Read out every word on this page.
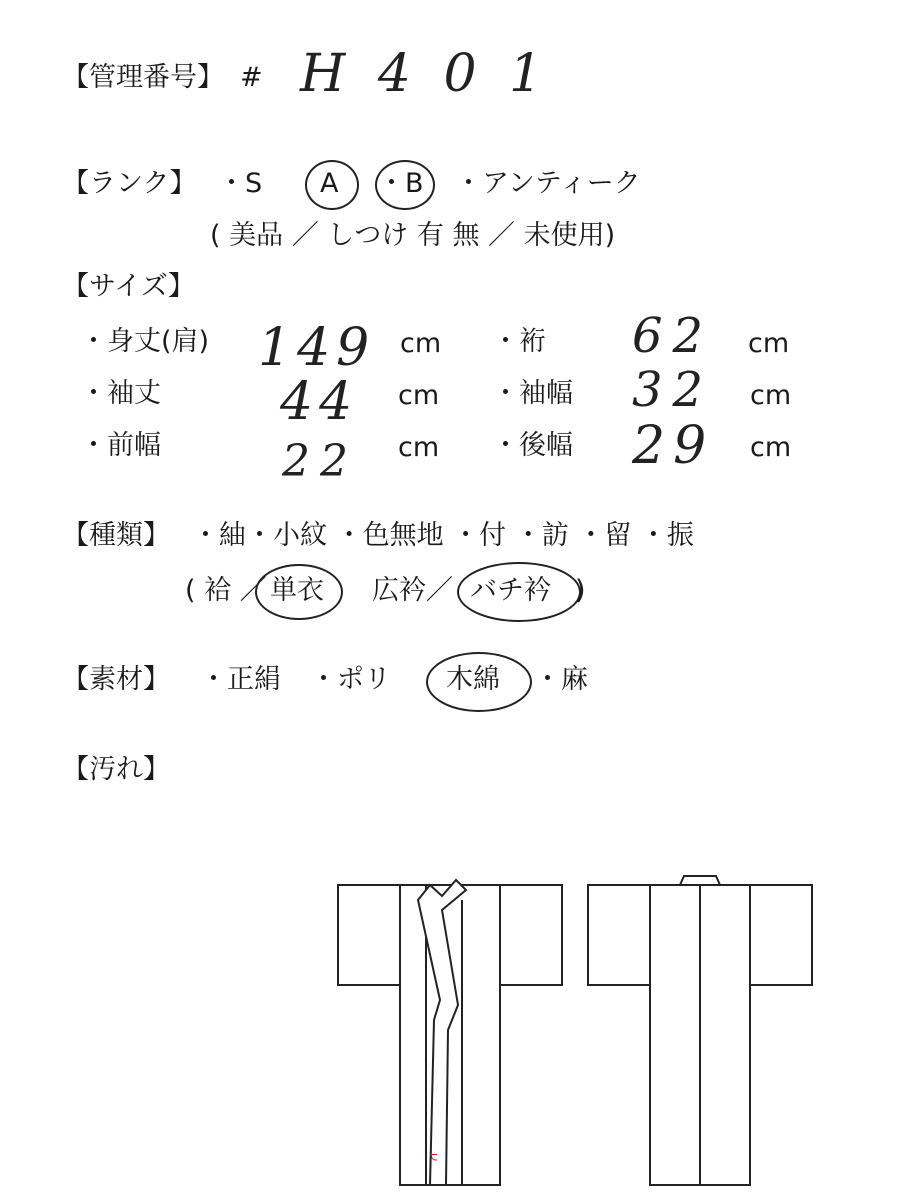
【管理番号】 # H 4 0 1
【ランク】 ・S A ・B ・アンティーク
( 美品 ／ しつけ 有 無 ／ 未使用)
【サイズ】
・身丈(肩) 149 cm ・裄 62 cm
・袖丈 44 cm ・袖幅 32 cm
・前幅	22 cm ・後幅 29 cm
【種類】 ・紬・小紋 ・色無地 ・付 ・訪 ・留 ・振
( 袷 ／ 単衣 広衿／ バチ衿 )
【素材】 ・正絹 ・ポリ 木綿 ・麻
【汚れ】
੮
